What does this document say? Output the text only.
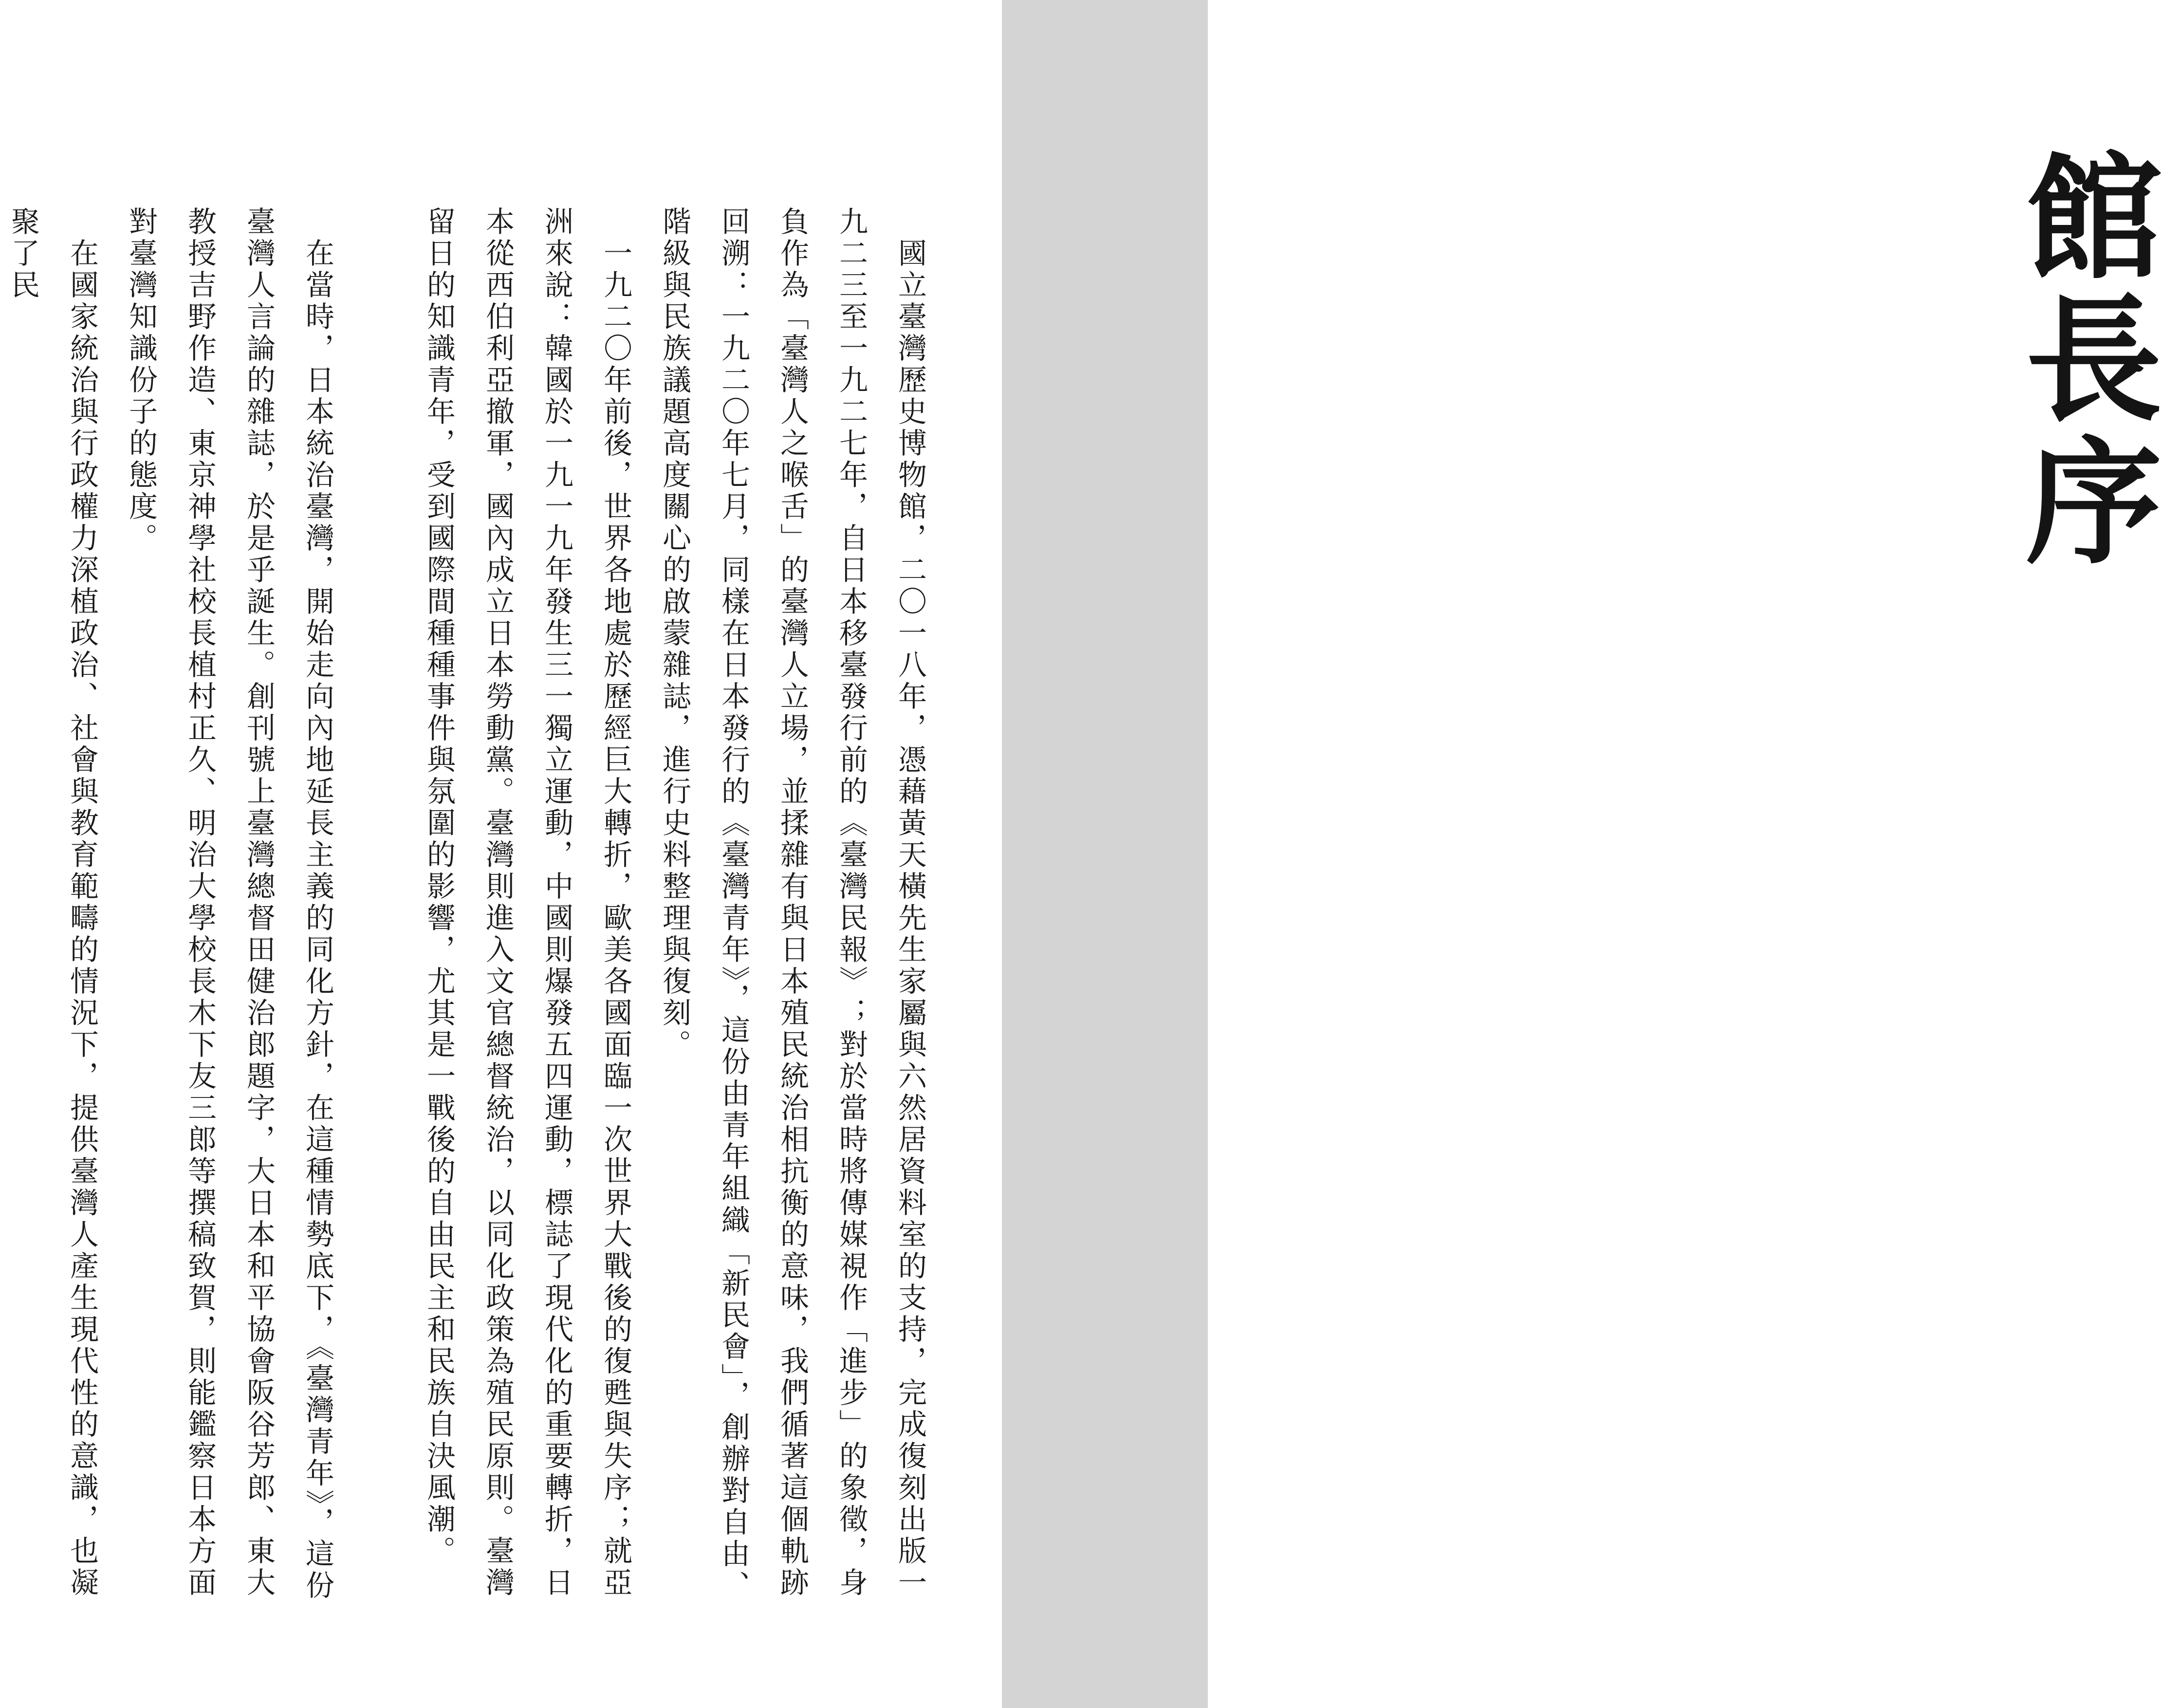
館長序

　國立臺灣歷史博物館，二〇一八年，憑藉黃天橫先生家屬與六然居資料室的支持，完成復刻出版一九二三至一九二七年，自日本移臺發行前的《臺灣民報》；對於當時將傳媒視作「進步」的象徵，身負作為「臺灣人之喉舌」的臺灣人立場，並揉雜有與日本殖民統治相抗衡的意味，我們循著這個軌跡回溯：一九二〇年七月，同樣在日本發行的《臺灣青年》，這份由青年組織「新民會」，創辦對自由、階級與民族議題高度關心的啟蒙雜誌，進行史料整理與復刻。

　一九二〇年前後，世界各地處於歷經巨大轉折，歐美各國面臨一次世界大戰後的復甦與失序；就亞洲來說：韓國於一九一九年發生三一獨立運動，中國則爆發五四運動，標誌了現代化的重要轉折，日本從西伯利亞撤軍，國內成立日本勞動黨。臺灣則進入文官總督統治，以同化政策為殖民原則。臺灣留日的知識青年，受到國際間種種事件與氛圍的影響，尤其是一戰後的自由民主和民族自決風潮。

　在當時，日本統治臺灣，開始走向內地延長主義的同化方針，在這種情勢底下，《臺灣青年》，這份臺灣人言論的雜誌，於是乎誕生。創刊號上臺灣總督田健治郎題字，大日本和平協會阪谷芳郎、東大教授吉野作造、東京神學社校長植村正久、明治大學校長木下友三郎等撰稿致賀，則能鑑察日本方面對臺灣知識份子的態度。

　在國家統治與行政權力深植政治、社會與教育範疇的情況下，提供臺灣人產生現代性的意識，也凝聚了民
